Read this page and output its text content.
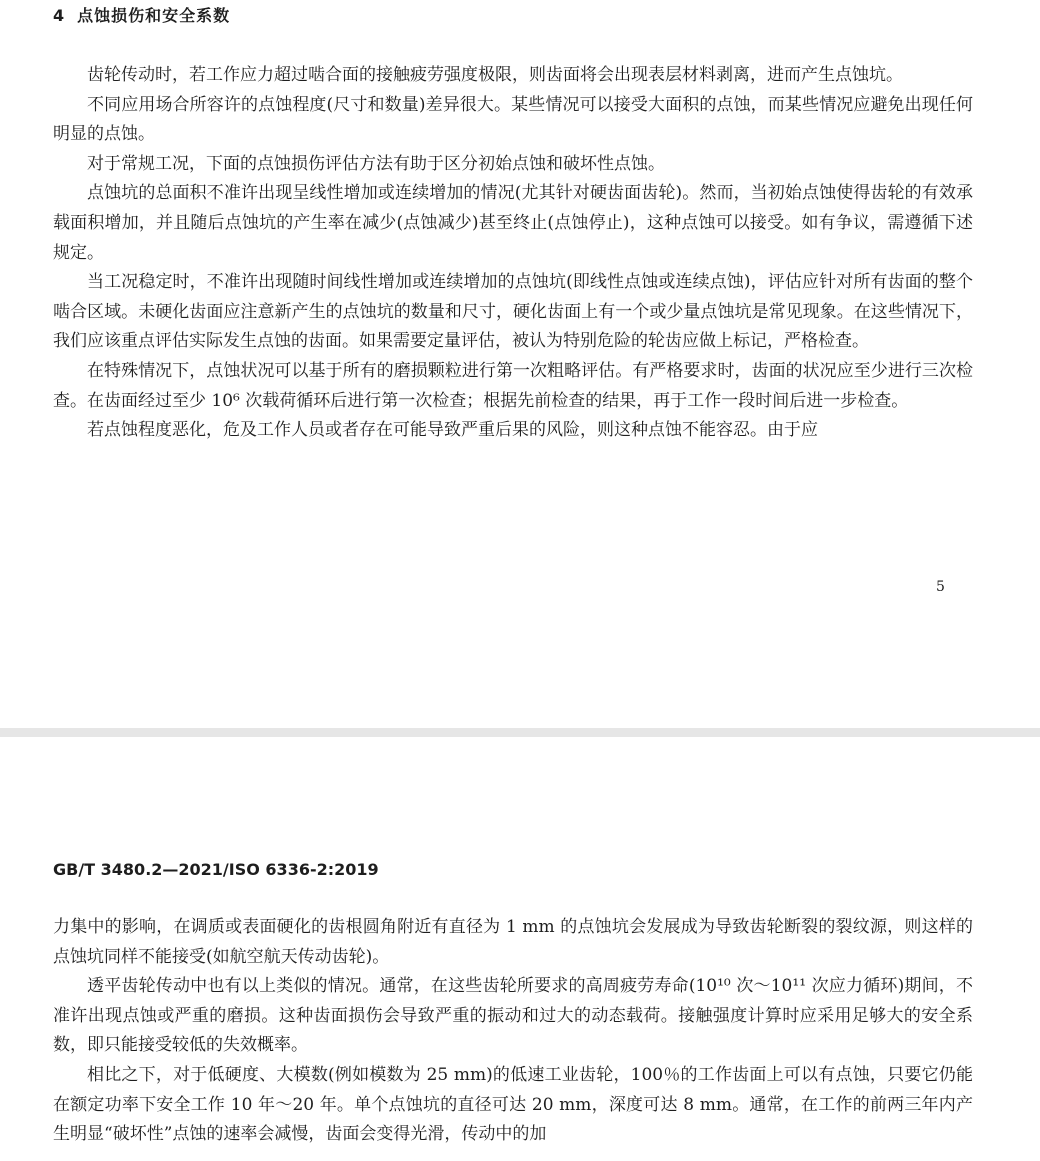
4 点蚀损伤和安全系数

齿轮传动时，若工作应力超过啮合面的接触疲劳强度极限，则齿面将会出现表层材料剥离，进而产生点蚀坑。

不同应用场合所容许的点蚀程度(尺寸和数量)差异很大。某些情况可以接受大面积的点蚀，而某些情况应避免出现任何明显的点蚀。

对于常规工况，下面的点蚀损伤评估方法有助于区分初始点蚀和破坏性点蚀。

点蚀坑的总面积不准许出现呈线性增加或连续增加的情况(尤其针对硬齿面齿轮)。然而，当初始点蚀使得齿轮的有效承载面积增加，并且随后点蚀坑的产生率在减少(点蚀减少)甚至终止(点蚀停止)，这种点蚀可以接受。如有争议，需遵循下述规定。

当工况稳定时，不准许出现随时间线性增加或连续增加的点蚀坑(即线性点蚀或连续点蚀)，评估应针对所有齿面的整个啮合区域。未硬化齿面应注意新产生的点蚀坑的数量和尺寸，硬化齿面上有一个或少量点蚀坑是常见现象。在这些情况下，我们应该重点评估实际发生点蚀的齿面。如果需要定量评估，被认为特别危险的轮齿应做上标记，严格检查。

在特殊情况下，点蚀状况可以基于所有的磨损颗粒进行第一次粗略评估。有严格要求时，齿面的状况应至少进行三次检查。在齿面经过至少 10⁶ 次载荷循环后进行第一次检查；根据先前检查的结果，再于工作一段时间后进一步检查。

若点蚀程度恶化，危及工作人员或者存在可能导致严重后果的风险，则这种点蚀不能容忍。由于应

5
GB/T 3480.2—2021/ISO 6336-2:2019

力集中的影响，在调质或表面硬化的齿根圆角附近有直径为 1 mm 的点蚀坑会发展成为导致齿轮断裂的裂纹源，则这样的点蚀坑同样不能接受(如航空航天传动齿轮)。

透平齿轮传动中也有以上类似的情况。通常，在这些齿轮所要求的高周疲劳寿命(10¹⁰ 次～10¹¹ 次应力循环)期间，不准许出现点蚀或严重的磨损。这种齿面损伤会导致严重的振动和过大的动态载荷。接触强度计算时应采用足够大的安全系数，即只能接受较低的失效概率。

相比之下，对于低硬度、大模数(例如模数为 25 mm)的低速工业齿轮，100％的工作齿面上可以有点蚀，只要它仍能在额定功率下安全工作 10 年～20 年。单个点蚀坑的直径可达 20 mm，深度可达 8 mm。通常，在工作的前两三年内产生明显“破坏性”点蚀的速率会减慢，齿面会变得光滑，传动中的加
